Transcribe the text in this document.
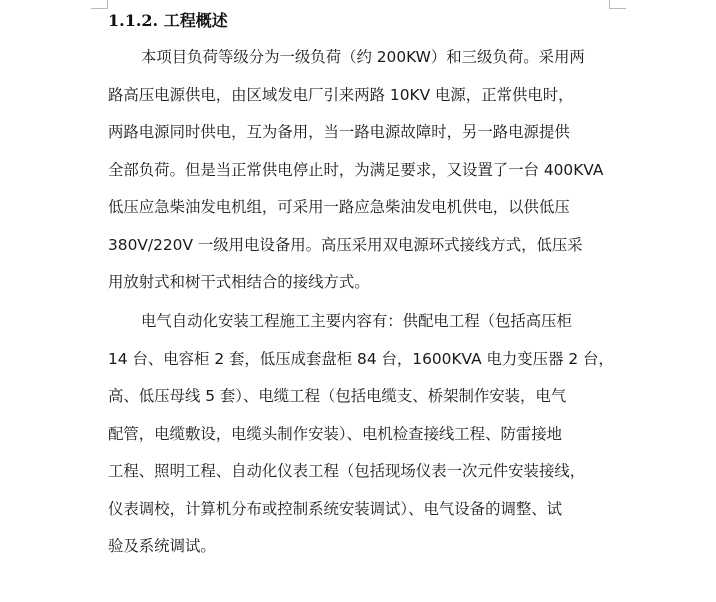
1.1.2. 工程概述
本项目负荷等级分为一级负荷（约 200KW）和三级负荷。采用两
路高压电源供电，由区域发电厂引来两路 10KV 电源，正常供电时，
两路电源同时供电，互为备用，当一路电源故障时，另一路电源提供
全部负荷。但是当正常供电停止时，为满足要求，又设置了一台 400KVA
低压应急柴油发电机组，可采用一路应急柴油发电机供电，以供低压
380V/220V 一级用电设备用。高压采用双电源环式接线方式，低压采
用放射式和树干式相结合的接线方式。
电气自动化安装工程施工主要内容有：供配电工程（包括高压柜
14 台、电容柜 2 套，低压成套盘柜 84 台，1600KVA 电力变压器 2 台，
高、低压母线 5 套）、电缆工程（包括电缆支、桥架制作安装，电气
配管，电缆敷设，电缆头制作安装）、电机检查接线工程、防雷接地
工程、照明工程、自动化仪表工程（包括现场仪表一次元件安装接线，
仪表调校，计算机分布或控制系统安装调试）、电气设备的调整、试
验及系统调试。
